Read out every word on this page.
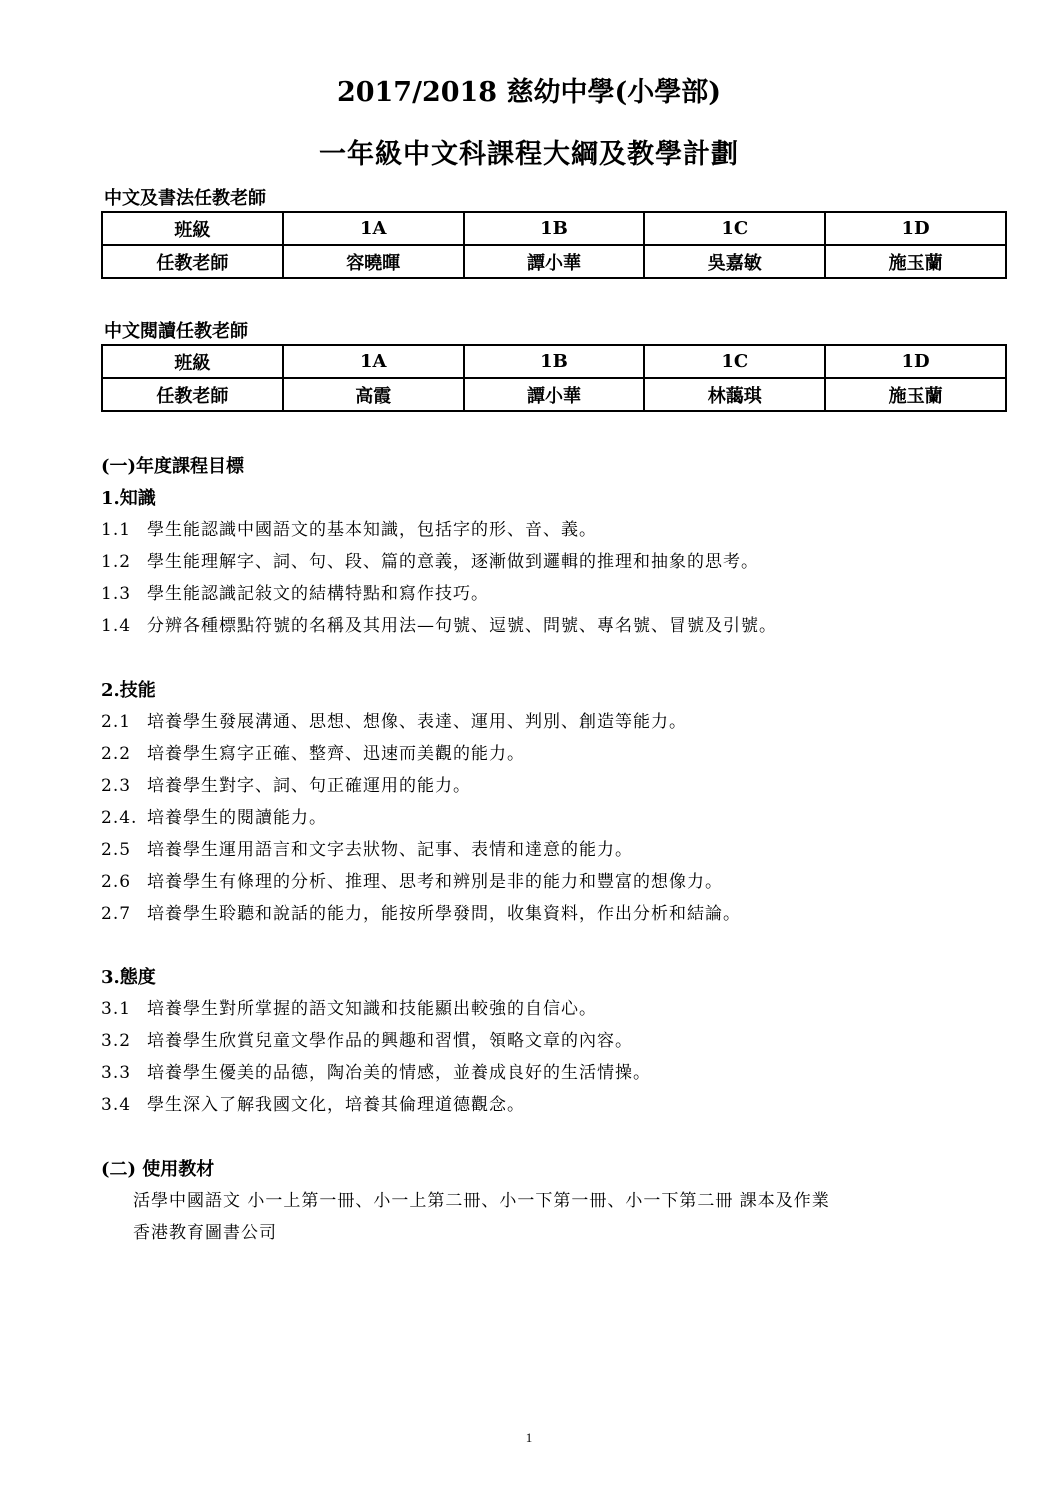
2017/2018 慈幼中學(小學部)
一年級中文科課程大綱及教學計劃
中文及書法任教老師
班級	1A	1B	1C	1D
任教老師	容曉暉	譚小華	吳嘉敏	施玉蘭
中文閱讀任教老師
班級	1A	1B	1C	1D
任教老師	高霞	譚小華	林藹琪	施玉蘭
(一)年度課程目標
1.知識
1.1 學生能認識中國語文的基本知識，包括字的形、音、義。
1.2 學生能理解字、詞、句、段、篇的意義，逐漸做到邏輯的推理和抽象的思考。
1.3 學生能認識記敍文的結構特點和寫作技巧。
1.4 分辨各種標點符號的名稱及其用法—句號、逗號、問號、專名號、冒號及引號。
2.技能
2.1 培養學生發展溝通、思想、想像、表達、運用、判別、創造等能力。
2.2 培養學生寫字正確、整齊、迅速而美觀的能力。
2.3 培養學生對字、詞、句正確運用的能力。
2.4. 培養學生的閱讀能力。
2.5 培養學生運用語言和文字去狀物、記事、表情和達意的能力。
2.6 培養學生有條理的分析、推理、思考和辨別是非的能力和豐富的想像力。
2.7 培養學生聆聽和說話的能力，能按所學發問，收集資料，作出分析和結論。
3.態度
3.1 培養學生對所掌握的語文知識和技能顯出較強的自信心。
3.2 培養學生欣賞兒童文學作品的興趣和習慣，領略文章的內容。
3.3 培養學生優美的品德，陶冶美的情感，並養成良好的生活情操。
3.4 學生深入了解我國文化，培養其倫理道德觀念。
(二) 使用教材
活學中國語文 小一上第一冊、小一上第二冊、小一下第一冊、小一下第二冊 課本及作業
香港教育圖書公司
1
